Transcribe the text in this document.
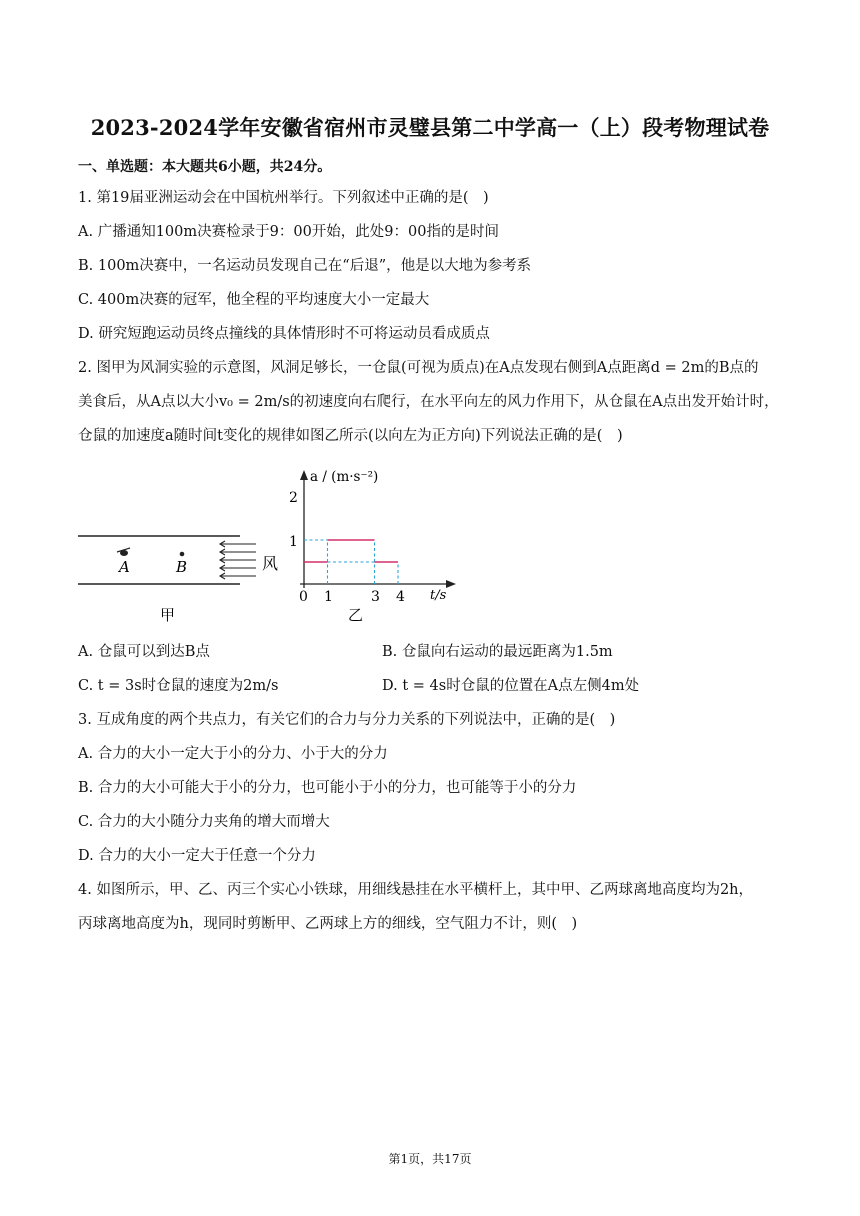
2023-2024学年安徽省宿州市灵璧县第二中学高一（上）段考物理试卷
一、单选题：本大题共6小题，共24分。
1. 第19届亚洲运动会在中国杭州举行。下列叙述中正确的是(　)
A. 广播通知100m决赛检录于9：00开始，此处9：00指的是时间
B. 100m决赛中，一名运动员发现自己在“后退”，他是以大地为参考系
C. 400m决赛的冠军，他全程的平均速度大小一定最大
D. 研究短跑运动员终点撞线的具体情形时不可将运动员看成质点
2. 图甲为风洞实验的示意图，风洞足够长，一仓鼠(可视为质点)在A点发现右侧到A点距离d = 2m的B点的
美食后，从A点以大小v₀ = 2m/s的初速度向右爬行，在水平向左的风力作用下，从仓鼠在A点出发开始计时，
仓鼠的加速度a随时间t变化的规律如图乙所示(以向左为正方向)下列说法正确的是(　)
A	B	风
甲
a / (m·s⁻²)
t/s
2
1
0 1	3 4
乙
A. 仓鼠可以到达B点	B. 仓鼠向右运动的最远距离为1.5m
C. t = 3s时仓鼠的速度为2m/s	D. t = 4s时仓鼠的位置在A点左侧4m处
3. 互成角度的两个共点力，有关它们的合力与分力关系的下列说法中，正确的是(　)
A. 合力的大小一定大于小的分力、小于大的分力
B. 合力的大小可能大于小的分力，也可能小于小的分力，也可能等于小的分力
C. 合力的大小随分力夹角的增大而增大
D. 合力的大小一定大于任意一个分力
4. 如图所示，甲、乙、丙三个实心小铁球，用细线悬挂在水平横杆上，其中甲、乙两球离地高度均为2h，
丙球离地高度为h，现同时剪断甲、乙两球上方的细线，空气阻力不计，则(　)
第1页，共17页
